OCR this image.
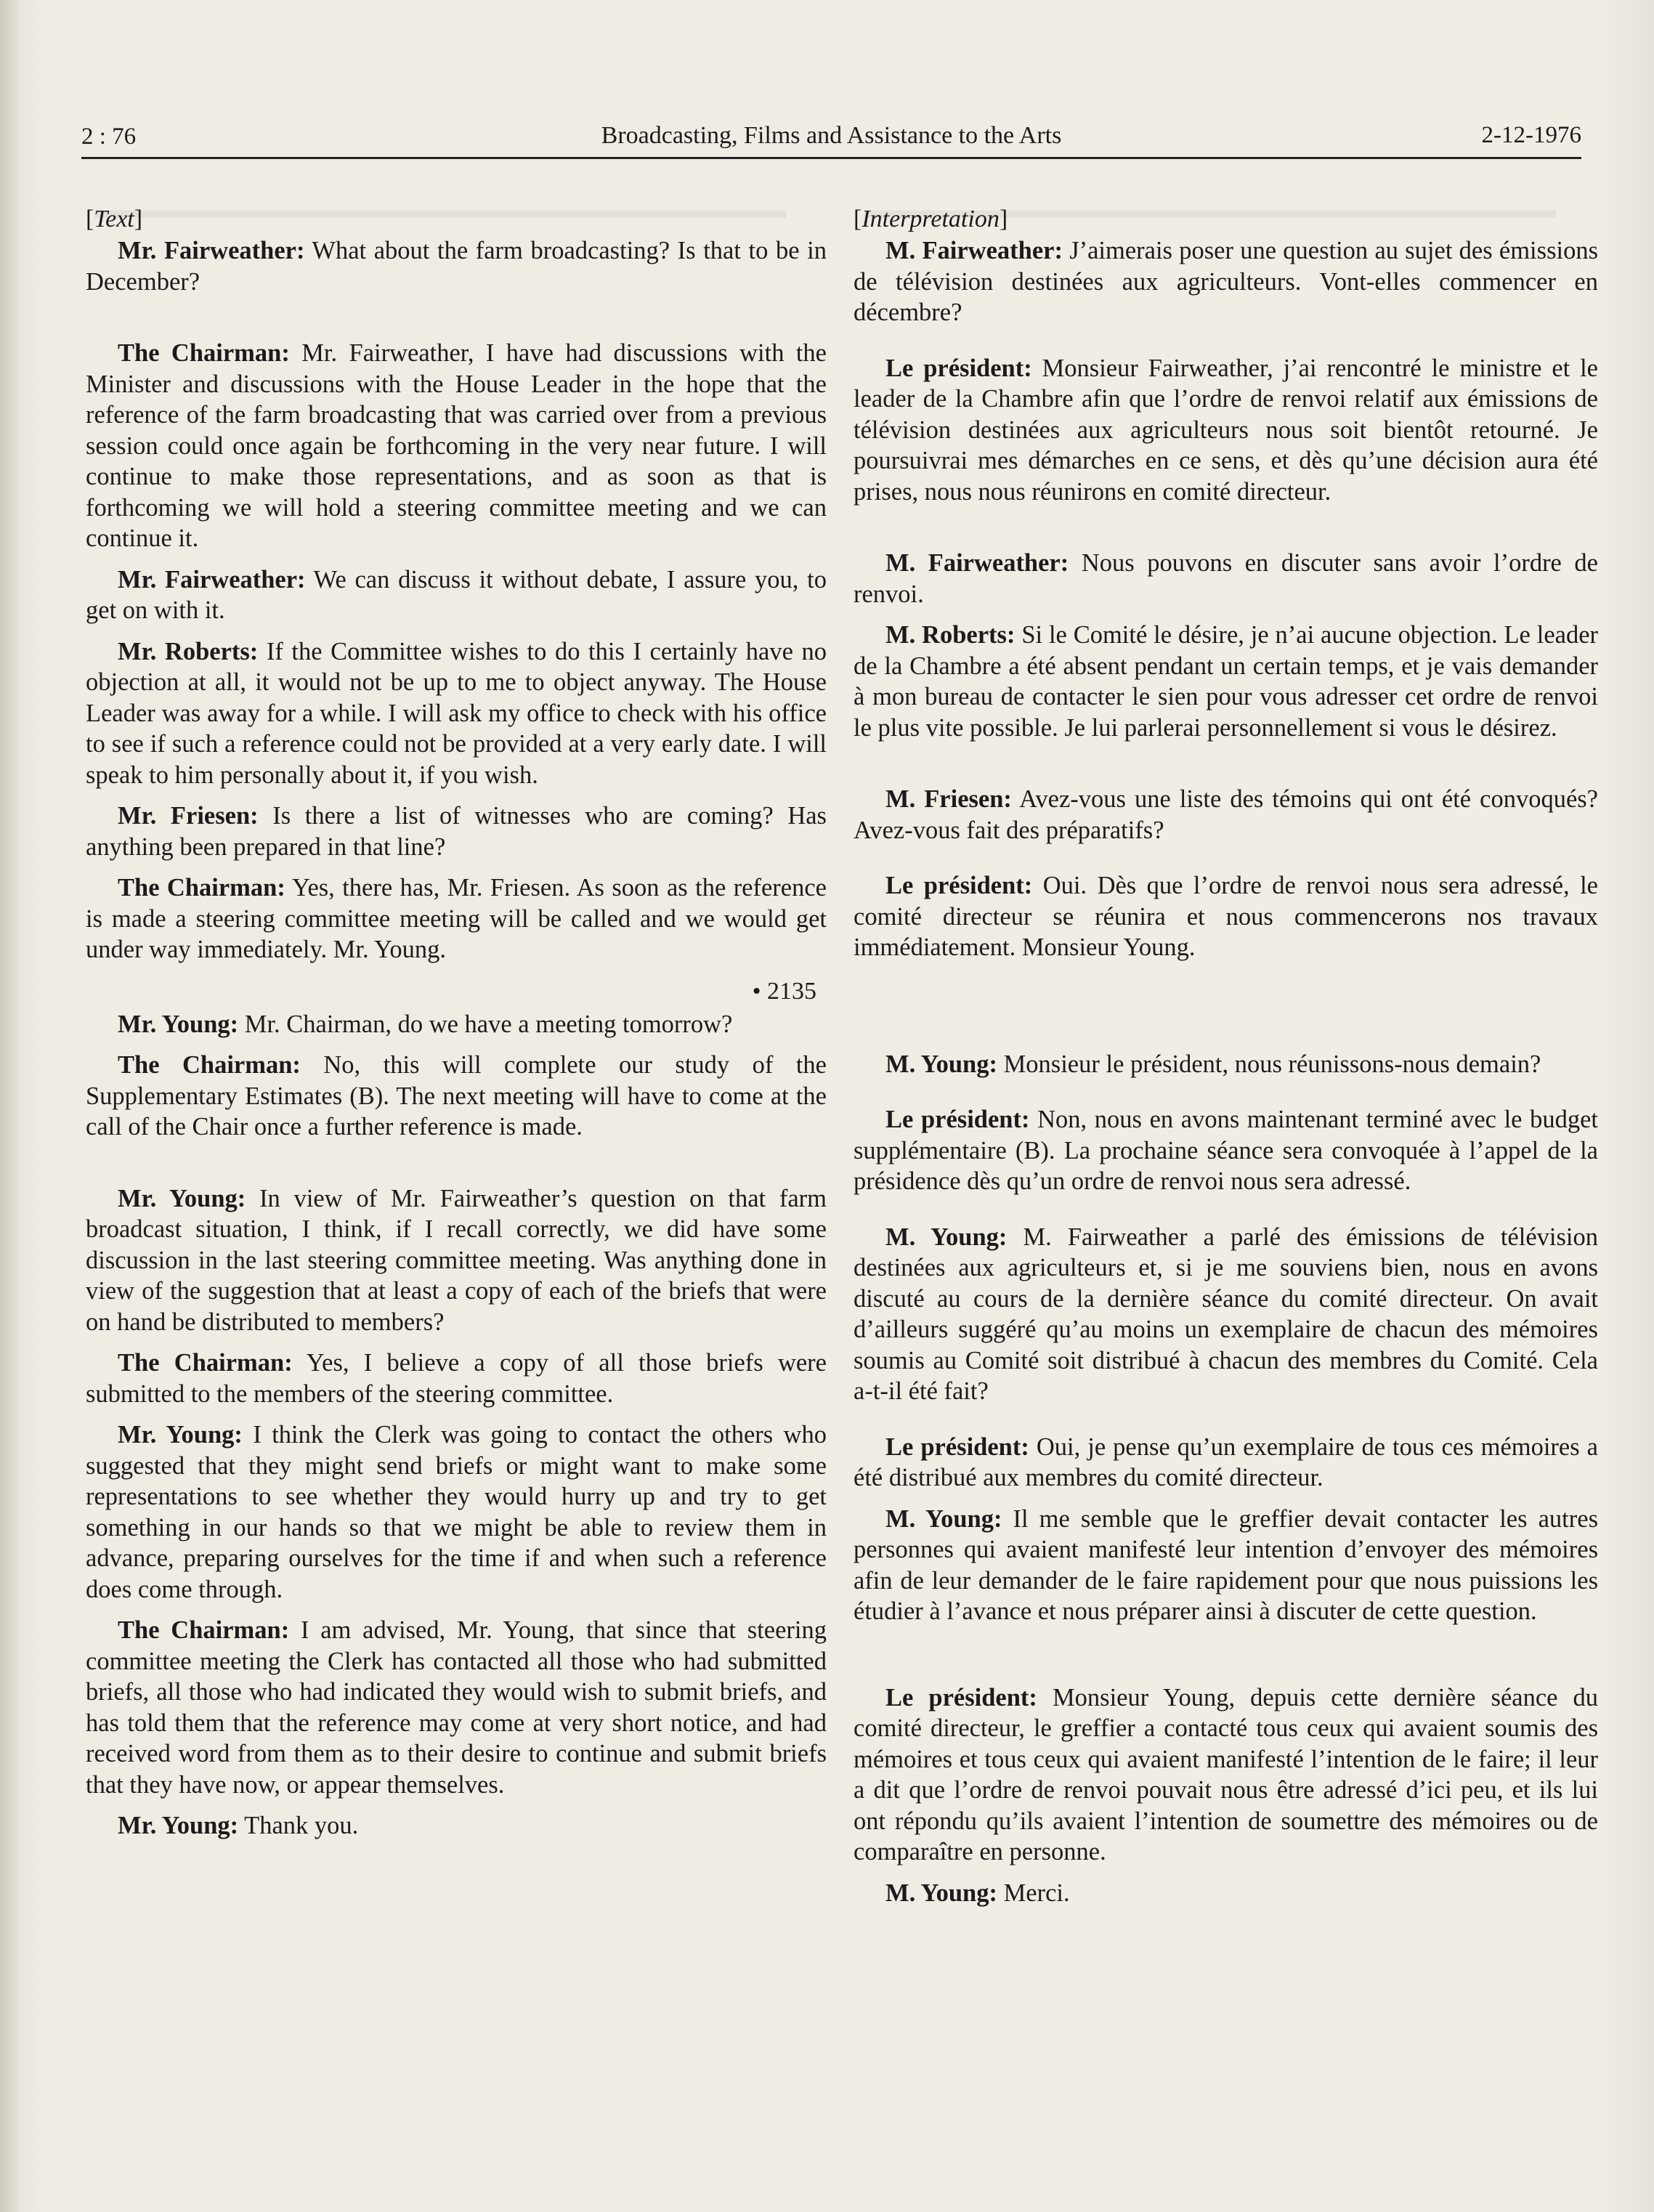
2 : 76	Broadcasting, Films and Assistance to the Arts	2-12-1976
[Text]

Mr. Fairweather: What about the farm broadcasting? Is that to be in December?

The Chairman: Mr. Fairweather, I have had discussions with the Minister and discussions with the House Leader in the hope that the reference of the farm broadcasting that was carried over from a previous session could once again be forthcoming in the very near future. I will continue to make those representations, and as soon as that is forthcoming we will hold a steering committee meeting and we can continue it.

Mr. Fairweather: We can discuss it without debate, I assure you, to get on with it.

Mr. Roberts: If the Committee wishes to do this I certainly have no objection at all, it would not be up to me to object anyway. The House Leader was away for a while. I will ask my office to check with his office to see if such a reference could not be provided at a very early date. I will speak to him personally about it, if you wish.

Mr. Friesen: Is there a list of witnesses who are coming? Has anything been prepared in that line?

The Chairman: Yes, there has, Mr. Friesen. As soon as the reference is made a steering committee meeting will be called and we would get under way immediately. Mr. Young.

• 2135

Mr. Young: Mr. Chairman, do we have a meeting tomorrow?

The Chairman: No, this will complete our study of the Supplementary Estimates (B). The next meeting will have to come at the call of the Chair once a further reference is made.

Mr. Young: In view of Mr. Fairweather’s question on that farm broadcast situation, I think, if I recall correctly, we did have some discussion in the last steering committee meeting. Was anything done in view of the suggestion that at least a copy of each of the briefs that were on hand be distributed to members?

The Chairman: Yes, I believe a copy of all those briefs were submitted to the members of the steering committee.

Mr. Young: I think the Clerk was going to contact the others who suggested that they might send briefs or might want to make some representations to see whether they would hurry up and try to get something in our hands so that we might be able to review them in advance, preparing ourselves for the time if and when such a reference does come through.

The Chairman: I am advised, Mr. Young, that since that steering committee meeting the Clerk has contacted all those who had submitted briefs, all those who had indicated they would wish to submit briefs, and has told them that the reference may come at very short notice, and had received word from them as to their desire to continue and submit briefs that they have now, or appear themselves.

Mr. Young: Thank you.

[Interpretation]

M. Fairweather: J’aimerais poser une question au sujet des émissions de télévision destinées aux agriculteurs. Vont-elles commencer en décembre?

Le président: Monsieur Fairweather, j’ai rencontré le ministre et le leader de la Chambre afin que l’ordre de renvoi relatif aux émissions de télévision destinées aux agriculteurs nous soit bientôt retourné. Je poursuivrai mes démarches en ce sens, et dès qu’une décision aura été prises, nous nous réunirons en comité directeur.

M. Fairweather: Nous pouvons en discuter sans avoir l’ordre de renvoi.

M. Roberts: Si le Comité le désire, je n’ai aucune objection. Le leader de la Chambre a été absent pendant un certain temps, et je vais demander à mon bureau de contacter le sien pour vous adresser cet ordre de renvoi le plus vite possible. Je lui parlerai personnellement si vous le désirez.

M. Friesen: Avez-vous une liste des témoins qui ont été convoqués? Avez-vous fait des préparatifs?

Le président: Oui. Dès que l’ordre de renvoi nous sera adressé, le comité directeur se réunira et nous commencerons nos travaux immédiatement. Monsieur Young.

M. Young: Monsieur le président, nous réunissons-nous demain?

Le président: Non, nous en avons maintenant terminé avec le budget supplémentaire (B). La prochaine séance sera convoquée à l’appel de la présidence dès qu’un ordre de renvoi nous sera adressé.

M. Young: M. Fairweather a parlé des émissions de télévision destinées aux agriculteurs et, si je me souviens bien, nous en avons discuté au cours de la dernière séance du comité directeur. On avait d’ailleurs suggéré qu’au moins un exemplaire de chacun des mémoires soumis au Comité soit distribué à chacun des membres du Comité. Cela a-t-il été fait?

Le président: Oui, je pense qu’un exemplaire de tous ces mémoires a été distribué aux membres du comité directeur.

M. Young: Il me semble que le greffier devait contacter les autres personnes qui avaient manifesté leur intention d’envoyer des mémoires afin de leur demander de le faire rapidement pour que nous puissions les étudier à l’avance et nous préparer ainsi à discuter de cette question.

Le président: Monsieur Young, depuis cette dernière séance du comité directeur, le greffier a contacté tous ceux qui avaient soumis des mémoires et tous ceux qui avaient manifesté l’intention de le faire; il leur a dit que l’ordre de renvoi pouvait nous être adressé d’ici peu, et ils lui ont répondu qu’ils avaient l’intention de soumettre des mémoires ou de comparaître en personne.

M. Young: Merci.
